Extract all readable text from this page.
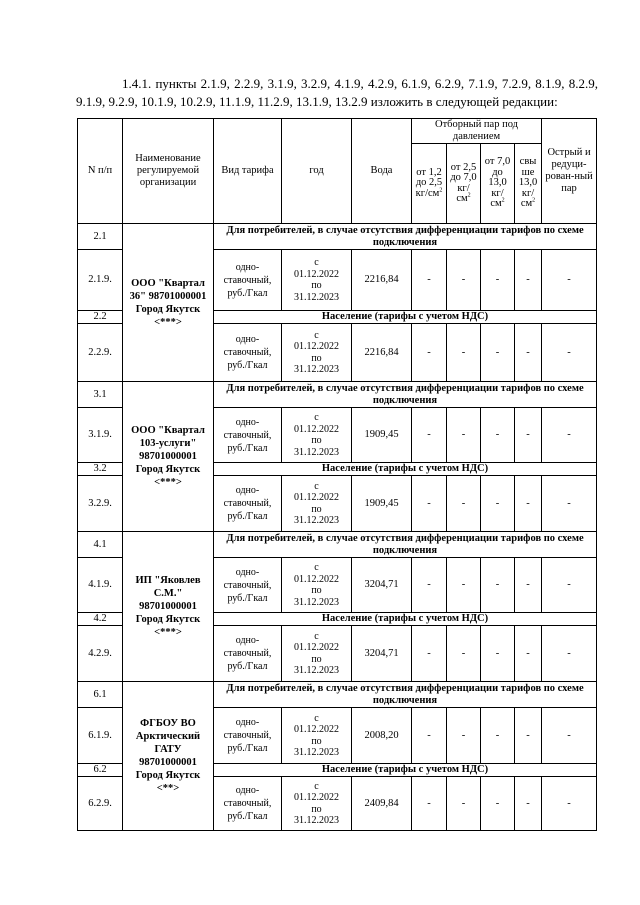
1.4.1. пункты 2.1.9, 2.2.9, 3.1.9, 3.2.9, 4.1.9, 4.2.9, 6.1.9, 6.2.9, 7.1.9, 7.2.9, 8.1.9, 8.2.9, 9.1.9, 9.2.9, 10.1.9, 10.2.9, 11.1.9, 11.2.9, 13.1.9, 13.2.9 изложить в следующей редакции:

N п/п	Наименование регулируемой организации	Вид тарифа	год	Вода	Отборный пар под давлением				Острый и редуци-рован-ный пар
					от 1,2 до 2,5 $кг/см^2$	от 2,5 до 7,0 кг/ $см^2$	от 7,0 до 13,0 кг/ $см^2$	свы ше 13,0 кг/ $см^2$
2.1	ООО "Квартал 36" 98701000001 Город Якутск <***>	Для потребителей, в случае отсутствия дифференциации тарифов по схеме подключения							
2.1.9.		одно-ставочный, руб./Гкал	с
01.12.2022
по
31.12.2023	2216,84	-	-	-	-	-
2.2		Население (тарифы с учетом НДС)							
2.2.9.		одно-ставочный, руб./Гкал	с
01.12.2022
по
31.12.2023	2216,84	-	-	-	-	-
3.1	ООО "Квартал 103-услуги" 98701000001 Город Якутск <***>	Для потребителей, в случае отсутствия дифференциации тарифов по схеме подключения							
3.1.9.		одно-ставочный, руб./Гкал	с
01.12.2022
по
31.12.2023	1909,45	-	-	-	-	-
3.2		Население (тарифы с учетом НДС)							
3.2.9.		одно-ставочный, руб./Гкал	с
01.12.2022
по
31.12.2023	1909,45	-	-	-	-	-
4.1	ИП "Яковлев С.М." 98701000001 Город Якутск <***>	Для потребителей, в случае отсутствия дифференциации тарифов по схеме подключения							
4.1.9.		одно-ставочный, руб./Гкал	с
01.12.2022
по
31.12.2023	3204,71	-	-	-	-	-
4.2		Население (тарифы с учетом НДС)							
4.2.9.		одно-ставочный, руб./Гкал	с
01.12.2022
по
31.12.2023	3204,71	-	-	-	-	-
6.1	ФГБОУ ВО Арктический ГАТУ 98701000001 Город Якутск <**>	Для потребителей, в случае отсутствия дифференциации тарифов по схеме подключения							
6.1.9.		одно-ставочный, руб./Гкал	с
01.12.2022
по
31.12.2023	2008,20	-	-	-	-	-
6.2		Население (тарифы с учетом НДС)							
6.2.9.		одно-ставочный, руб./Гкал	с
01.12.2022
по
31.12.2023	2409,84	-	-	-	-	-
